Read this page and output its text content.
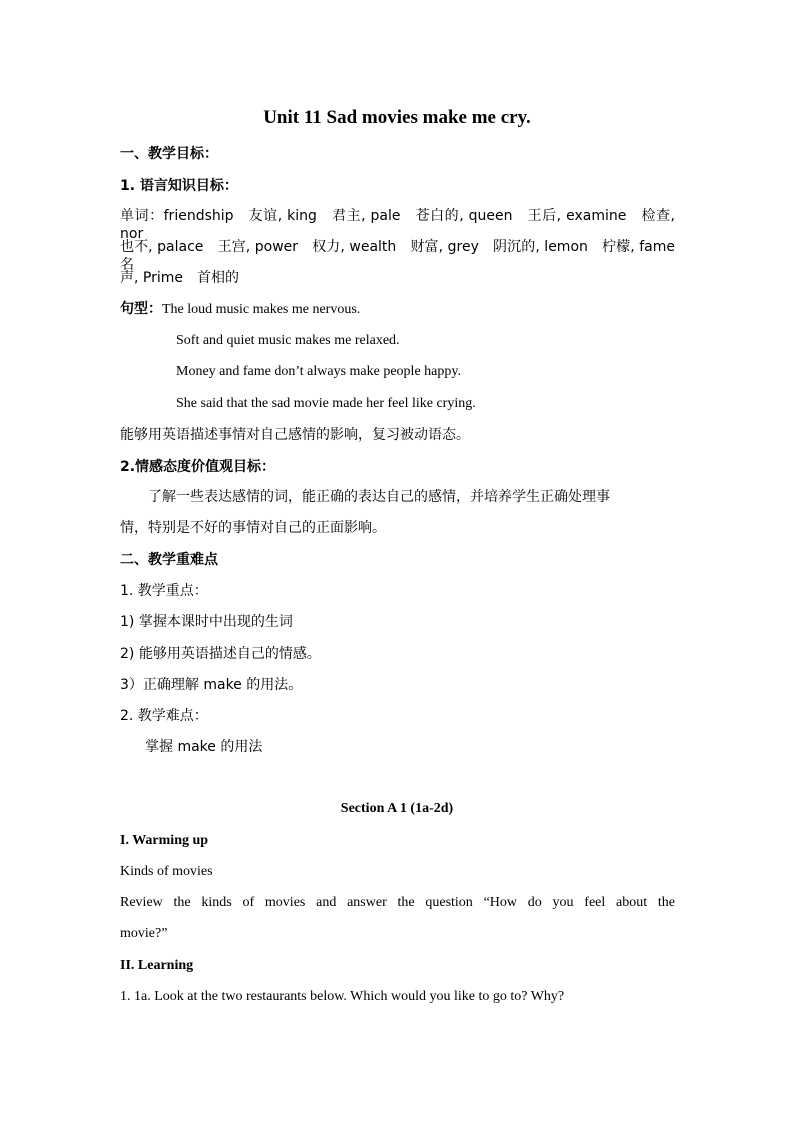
Unit 11 Sad movies make me cry.
一、教学目标：
1. 语言知识目标：
单词：friendship　友谊, king　君主, pale　苍白的, queen　王后, examine　检查, nor
也不, palace　王宫, power　权力, wealth　财富, grey　阴沉的, lemon　柠檬, fame　名
声, Prime　首相的
句型：The loud music makes me nervous.
Soft and quiet music makes me relaxed.
Money and fame don’t always make people happy.
She said that the sad movie made her feel like crying.
能够用英语描述事情对自己感情的影响，复习被动语态。
2.情感态度价值观目标：
了解一些表达感情的词，能正确的表达自己的感情，并培养学生正确处理事
情，特别是不好的事情对自己的正面影响。
二、教学重难点
1. 教学重点：
1) 掌握本课时中出现的生词
2) 能够用英语描述自己的情感。
3）正确理解 make 的用法。
2. 教学难点：
掌握 make 的用法
Section A 1 (1a-2d)
I. Warming up
Kinds of movies
Review the kinds of movies and answer the question “How do you feel about the
movie?”
II. Learning
1. 1a. Look at the two restaurants below. Which would you like to go to? Why?
